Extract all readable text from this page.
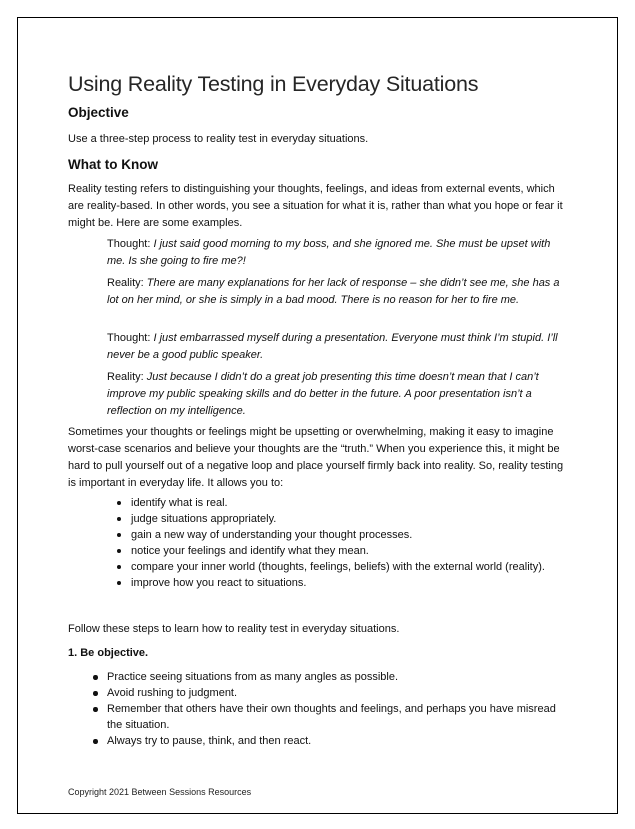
Using Reality Testing in Everyday Situations
Objective
Use a three-step process to reality test in everyday situations.
What to Know
Reality testing refers to distinguishing your thoughts, feelings, and ideas from external events, which are reality-based. In other words, you see a situation for what it is, rather than what you hope or fear it might be. Here are some examples.
Thought: I just said good morning to my boss, and she ignored me. She must be upset with me. Is she going to fire me?!
Reality: There are many explanations for her lack of response – she didn’t see me, she has a lot on her mind, or she is simply in a bad mood. There is no reason for her to fire me.
Thought: I just embarrassed myself during a presentation. Everyone must think I’m stupid. I’ll never be a good public speaker.
Reality: Just because I didn’t do a great job presenting this time doesn’t mean that I can’t improve my public speaking skills and do better in the future. A poor presentation isn’t a reflection on my intelligence.
Sometimes your thoughts or feelings might be upsetting or overwhelming, making it easy to imagine worst-case scenarios and believe your thoughts are the “truth.” When you experience this, it might be hard to pull yourself out of a negative loop and place yourself firmly back into reality. So, reality testing is important in everyday life. It allows you to:
identify what is real.
judge situations appropriately.
gain a new way of understanding your thought processes.
notice your feelings and identify what they mean.
compare your inner world (thoughts, feelings, beliefs) with the external world (reality).
improve how you react to situations.
Follow these steps to learn how to reality test in everyday situations.
1. Be objective.
Practice seeing situations from as many angles as possible.
Avoid rushing to judgment.
Remember that others have their own thoughts and feelings, and perhaps you have misread the situation.
Always try to pause, think, and then react.
Copyright 2021 Between Sessions Resources
